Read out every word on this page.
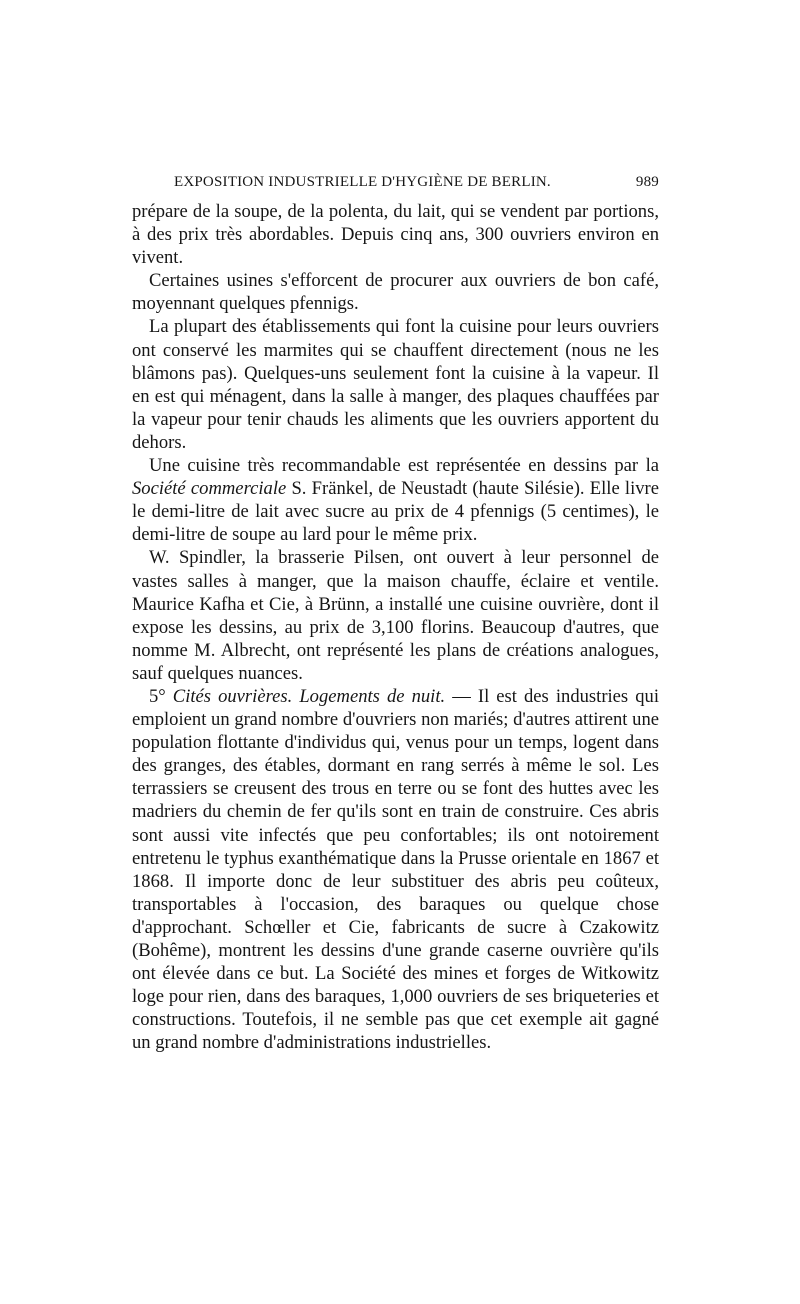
EXPOSITION INDUSTRIELLE D'HYGIÈNE DE BERLIN.	989

prépare de la soupe, de la polenta, du lait, qui se vendent par portions, à des prix très abordables. Depuis cinq ans, 300 ouvriers environ en vivent.

Certaines usines s'efforcent de procurer aux ouvriers de bon café, moyennant quelques pfennigs.

La plupart des établissements qui font la cuisine pour leurs ouvriers ont conservé les marmites qui se chauffent directement (nous ne les blâmons pas). Quelques-uns seulement font la cuisine à la vapeur. Il en est qui ménagent, dans la salle à manger, des plaques chauffées par la vapeur pour tenir chauds les aliments que les ouvriers apportent du dehors.

Une cuisine très recommandable est représentée en dessins par la Société commerciale S. Fränkel, de Neustadt (haute Silésie). Elle livre le demi-litre de lait avec sucre au prix de 4 pfennigs (5 centimes), le demi-litre de soupe au lard pour le même prix.

W. Spindler, la brasserie Pilsen, ont ouvert à leur personnel de vastes salles à manger, que la maison chauffe, éclaire et ventile. Maurice Kafha et Cie, à Brünn, a installé une cuisine ouvrière, dont il expose les dessins, au prix de 3,100 florins. Beaucoup d'autres, que nomme M. Albrecht, ont représenté les plans de créations analogues, sauf quelques nuances.

5° Cités ouvrières. Logements de nuit. — Il est des industries qui emploient un grand nombre d'ouvriers non mariés; d'autres attirent une population flottante d'individus qui, venus pour un temps, logent dans des granges, des étables, dormant en rang serrés à même le sol. Les terrassiers se creusent des trous en terre ou se font des huttes avec les madriers du chemin de fer qu'ils sont en train de construire. Ces abris sont aussi vite infectés que peu confortables; ils ont notoirement entretenu le typhus exanthématique dans la Prusse orientale en 1867 et 1868. Il importe donc de leur substituer des abris peu coûteux, transportables à l'occasion, des baraques ou quelque chose d'approchant. Schœller et Cie, fabricants de sucre à Czakowitz (Bohême), montrent les dessins d'une grande caserne ouvrière qu'ils ont élevée dans ce but. La Société des mines et forges de Witkowitz loge pour rien, dans des baraques, 1,000 ouvriers de ses briqueteries et constructions. Toutefois, il ne semble pas que cet exemple ait gagné un grand nombre d'administrations industrielles.
